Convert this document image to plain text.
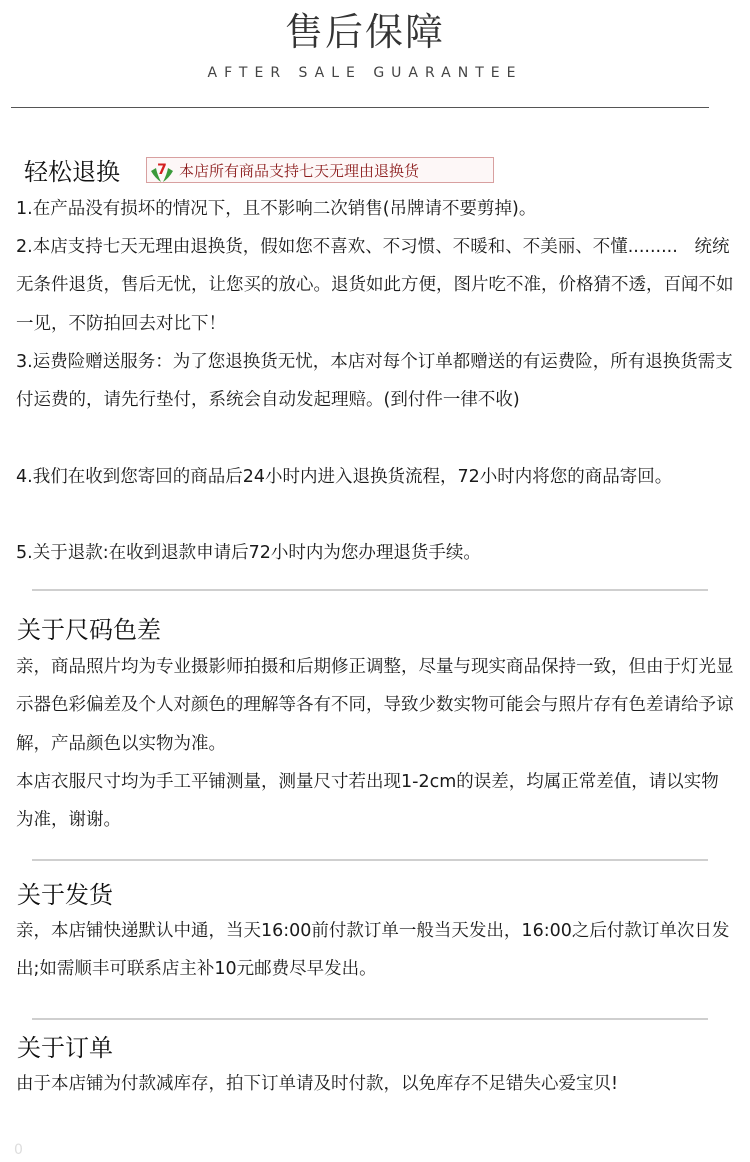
售后保障
AFTER SALE GUARANTEE
轻松退换	7 本店所有商品支持七天无理由退换货
1.在产品没有损坏的情况下，且不影响二次销售(吊牌请不要剪掉)。
2.本店支持七天无理由退换货，假如您不喜欢、不习惯、不暖和、不美丽、不懂.........   统统无条件退货，售后无忧，让您买的放心。退货如此方便，图片吃不准，价格猜不透，百闻不如一见，不防拍回去对比下！
3.运费险赠送服务：为了您退换货无忧，本店对每个订单都赠送的有运费险，所有退换货需支付运费的，请先行垫付，系统会自动发起理赔。(到付件一律不收)
4.我们在收到您寄回的商品后24小时内进入退换货流程，72小时内将您的商品寄回。
5.关于退款:在收到退款申请后72小时内为您办理退货手续。
关于尺码色差
亲，商品照片均为专业摄影师拍摄和后期修正调整，尽量与现实商品保持一致，但由于灯光显示器色彩偏差及个人对颜色的理解等各有不同，导致少数实物可能会与照片存有色差请给予谅解，产品颜色以实物为准。
本店衣服尺寸均为手工平铺测量，测量尺寸若出现1-2cm的误差，均属正常差值，请以实物为准，谢谢。
关于发货
亲，本店铺快递默认中通，当天16:00前付款订单一般当天发出，16:00之后付款订单次日发出;如需顺丰可联系店主补10元邮费尽早发出。
关于订单
由于本店铺为付款减库存，拍下订单请及时付款，以免库存不足错失心爱宝贝!
0
